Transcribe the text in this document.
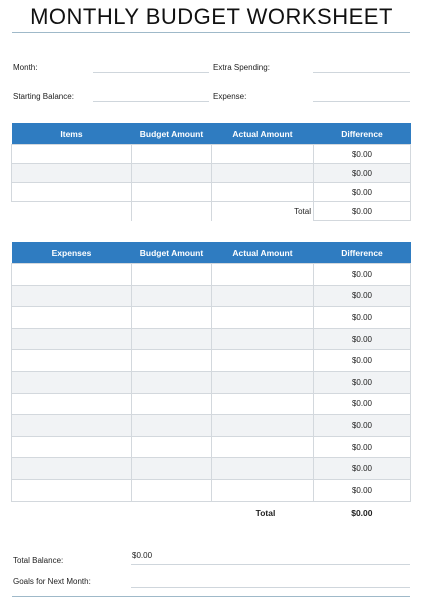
MONTHLY BUDGET WORKSHEET
Month:	Extra Spending:
Starting Balance:	Expense:
Items	Budget Amount	Actual Amount	Difference
			$0.00
			$0.00
			$0.00
		Total	$0.00
Expenses	Budget Amount	Actual Amount	Difference
			$0.00
			$0.00
			$0.00
			$0.00
			$0.00
			$0.00
			$0.00
			$0.00
			$0.00
			$0.00
			$0.00
		Total	$0.00
Total Balance:
$0.00
Goals for Next Month:
